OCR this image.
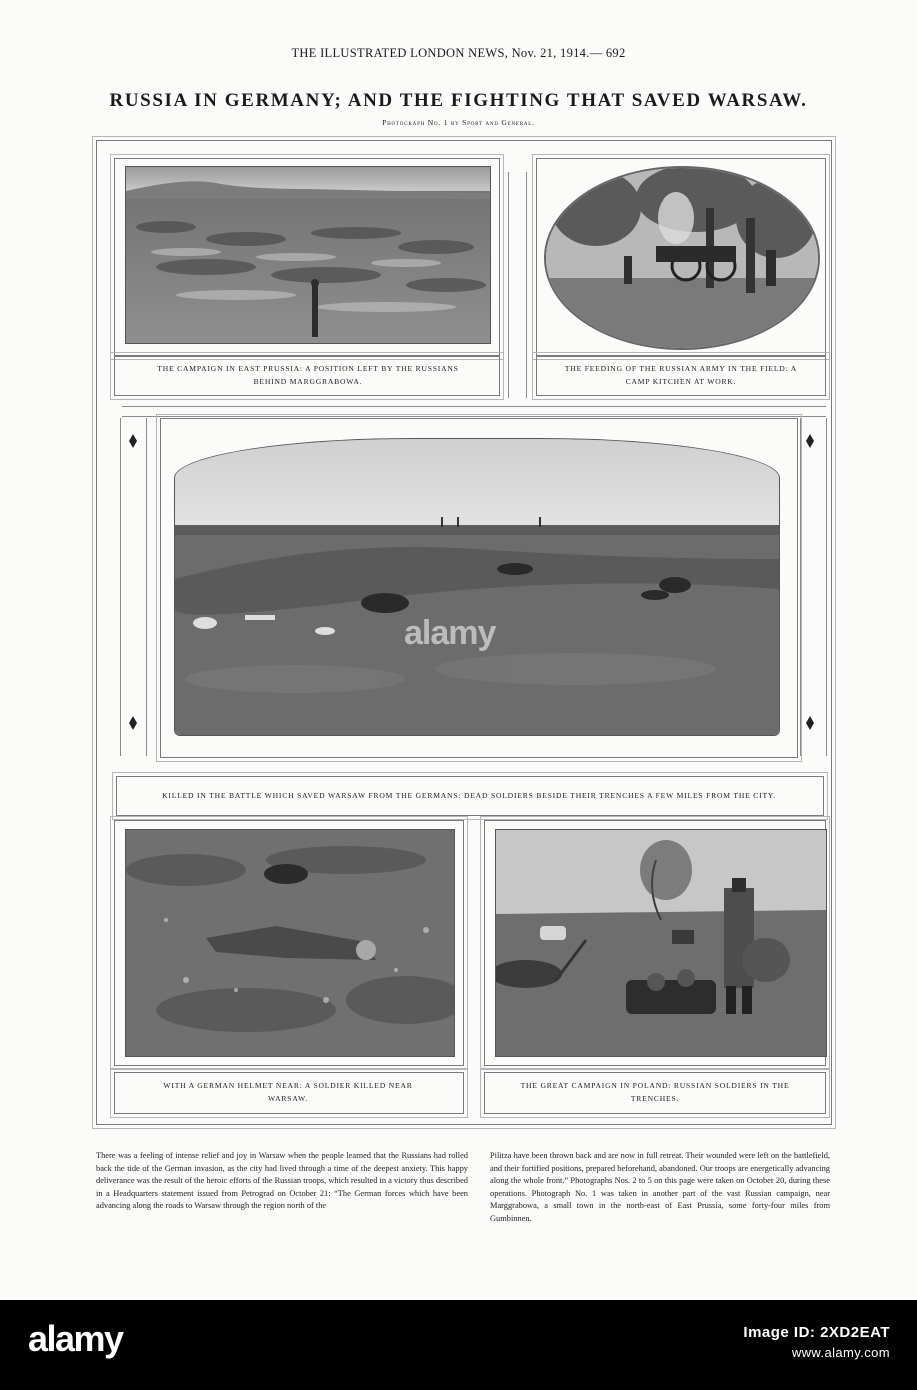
THE ILLUSTRATED LONDON NEWS, Nov. 21, 1914.— 692
RUSSIA IN GERMANY; AND THE FIGHTING THAT SAVED WARSAW.
Photograph No. 1 by Sport and General.
THE CAMPAIGN IN EAST PRUSSIA: A POSITION LEFT BY THE RUSSIANS BEHIND MARGGRABOWA.
THE FEEDING OF THE RUSSIAN ARMY IN THE FIELD: A CAMP KITCHEN AT WORK.
alamy
KILLED IN THE BATTLE WHICH SAVED WARSAW FROM THE GERMANS: DEAD SOLDIERS BESIDE THEIR TRENCHES A FEW MILES FROM THE CITY.
WITH A GERMAN HELMET NEAR: A SOLDIER KILLED NEAR WARSAW.
THE GREAT CAMPAIGN IN POLAND: RUSSIAN SOLDIERS IN THE TRENCHES.
There was a feeling of intense relief and joy in Warsaw when the people learned that the Russians had rolled back the tide of the German invasion, as the city had lived through a time of the deepest anxiety. This happy deliverance was the result of the heroic efforts of the Russian troops, which resulted in a victory thus described in a Headquarters statement issued from Petrograd on October 21: “The German forces which have been advancing along the roads to Warsaw through the region north of the
Pilitza have been thrown back and are now in full retreat. Their wounded were left on the battlefield, and their fortified positions, prepared beforehand, abandoned. Our troops are energetically advancing along the whole front.” Photographs Nos. 2 to 5 on this page were taken on October 20, during these operations. Photograph No. 1 was taken in another part of the vast Russian campaign, near Marggrabowa, a small town in the north-east of East Prussia, some forty-four miles from Gumbinnen.
alamy	Image ID: 2XD2EAT
www.alamy.com
